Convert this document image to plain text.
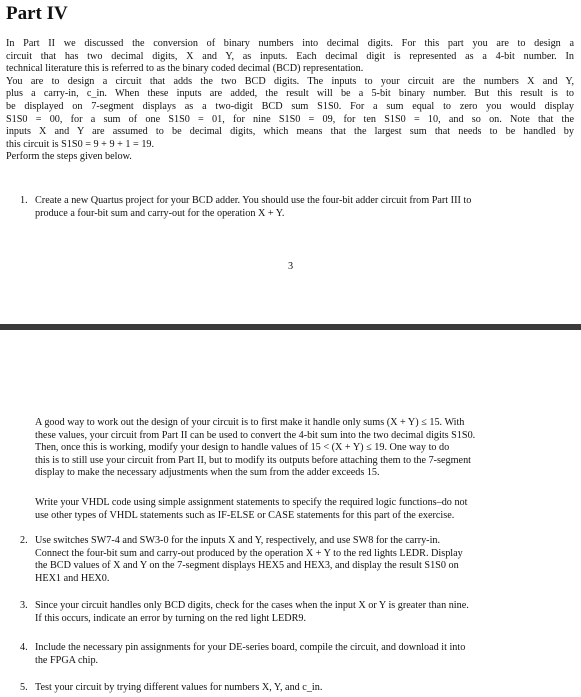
Part IV
In Part II we discussed the conversion of binary numbers into decimal digits. For this part you are to design a
circuit that has two decimal digits, X and Y, as inputs. Each decimal digit is represented as a 4-bit number. In
technical literature this is referred to as the binary coded decimal (BCD) representation.
You are to design a circuit that adds the two BCD digits. The inputs to your circuit are the numbers X and Y,
plus a carry-in, c_in. When these inputs are added, the result will be a 5-bit binary number. But this result is to
be displayed on 7-segment displays as a two-digit BCD sum S1S0. For a sum equal to zero you would display
S1S0 = 00, for a sum of one S1S0 = 01, for nine S1S0 = 09, for ten S1S0 = 10, and so on. Note that the
inputs X and Y are assumed to be decimal digits, which means that the largest sum that needs to be handled by
this circuit is S1S0 = 9 + 9 + 1 = 19.
Perform the steps given below.
1. Create a new Quartus project for your BCD adder. You should use the four-bit adder circuit from Part III to
produce a four-bit sum and carry-out for the operation X + Y.
3
A good way to work out the design of your circuit is to first make it handle only sums (X + Y) ≤ 15. With
these values, your circuit from Part II can be used to convert the 4-bit sum into the two decimal digits S1S0.
Then, once this is working, modify your design to handle values of 15 < (X + Y) ≤ 19. One way to do
this is to still use your circuit from Part II, but to modify its outputs before attaching them to the 7-segment
display to make the necessary adjustments when the sum from the adder exceeds 15.
Write your VHDL code using simple assignment statements to specify the required logic functions–do not
use other types of VHDL statements such as IF-ELSE or CASE statements for this part of the exercise.
2. Use switches SW7-4 and SW3-0 for the inputs X and Y, respectively, and use SW8 for the carry-in.
Connect the four-bit sum and carry-out produced by the operation X + Y to the red lights LEDR. Display
the BCD values of X and Y on the 7-segment displays HEX5 and HEX3, and display the result S1S0 on
HEX1 and HEX0.
3. Since your circuit handles only BCD digits, check for the cases when the input X or Y is greater than nine.
If this occurs, indicate an error by turning on the red light LEDR9.
4. Include the necessary pin assignments for your DE-series board, compile the circuit, and download it into
the FPGA chip.
5. Test your circuit by trying different values for numbers X, Y, and c_in.
